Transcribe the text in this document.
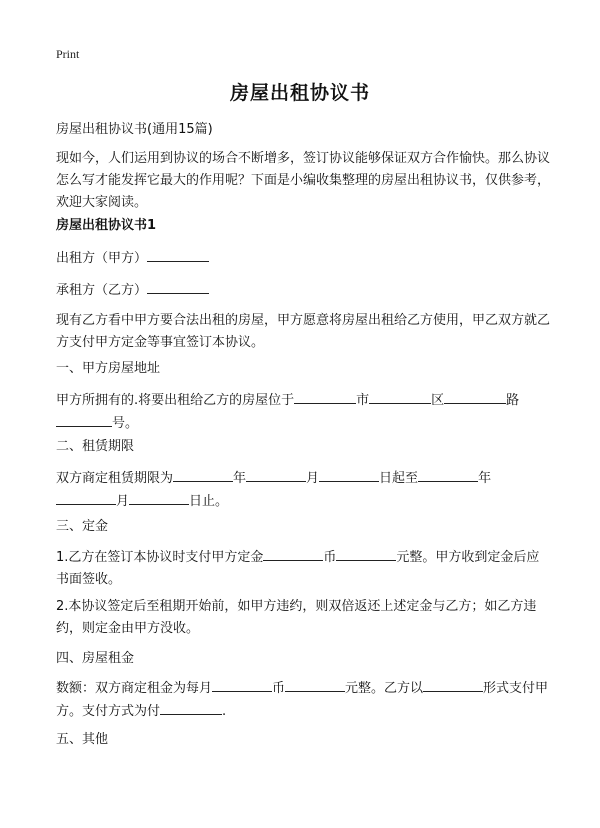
Print
房屋出租协议书

房屋出租协议书(通用15篇)

现如今，人们运用到协议的场合不断增多，签订协议能够保证双方合作愉快。那么协议怎么写才能发挥它最大的作用呢？下面是小编收集整理的房屋出租协议书，仅供参考，欢迎大家阅读。

房屋出租协议书1

出租方（甲方）

承租方（乙方）

现有乙方看中甲方要合法出租的房屋，甲方愿意将房屋出租给乙方使用，甲乙双方就乙方支付甲方定金等事宜签订本协议。

一、甲方房屋地址

甲方所拥有的.将要出租给乙方的房屋位于	市	区	路号。

二、租赁期限

双方商定租赁期限为	年	月	日起至	年
月	日止。

三、定金

1.乙方在签订本协议时支付甲方定金	币	元整。甲方收到定金后应书面签收。

2.本协议签定后至租期开始前，如甲方违约，则双倍返还上述定金与乙方；如乙方违约，则定金由甲方没收。

四、房屋租金

数额：双方商定租金为每月	币	元整。乙方以	形式支付甲方。支付方式为付	.

五、其他
